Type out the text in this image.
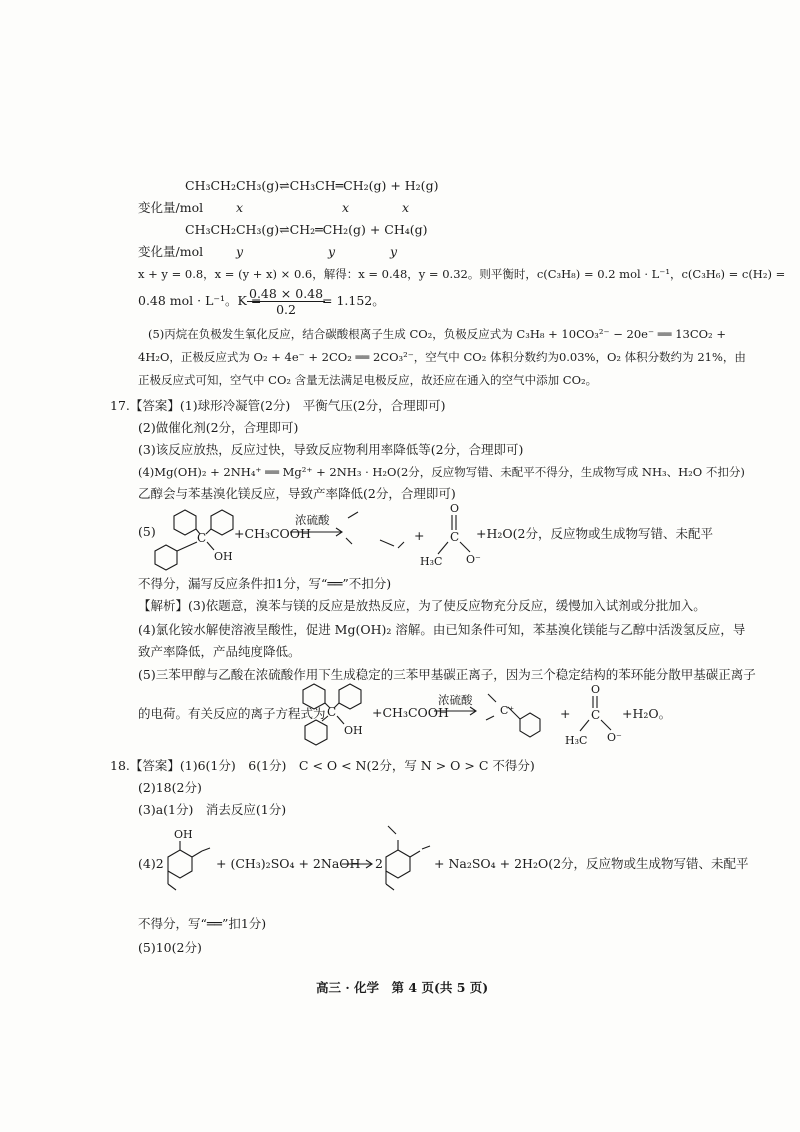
CH₃CH₂CH₃(g)⇌CH₃CH═CH₂(g) + H₂(g)
变化量/mol	x	x	x
CH₃CH₂CH₃(g)⇌CH₂═CH₂(g) + CH₄(g)
变化量/mol	y	y	y
x + y = 0.8，x = (y + x) × 0.6，解得：x = 0.48，y = 0.32。则平衡时，c(C₃H₈) = 0.2 mol · L⁻¹，c(C₃H₆) = c(H₂) =
0.48 mol · L⁻¹。K =
$\frac{0.48 \times 0.48}{0.2}$
= 1.152。
(5)丙烷在负极发生氧化反应，结合碳酸根离子生成 CO₂，负极反应式为 C₃H₈ + 10CO₃²⁻ − 20e⁻ ══ 13CO₂ +
4H₂O，正极反应式为 O₂ + 4e⁻ + 2CO₂ ══ 2CO₃²⁻，空气中 CO₂ 体积分数约为0.03%，O₂ 体积分数约为 21%，由
正极反应式可知，空气中 CO₂ 含量无法满足电极反应，故还应在通入的空气中添加 CO₂。
17.【答案】(1)球形冷凝管(2分)　平衡气压(2分，合理即可)
(2)做催化剂(2分，合理即可)
(3)该反应放热，反应过快，导致反应物利用率降低等(2分，合理即可)
(4)Mg(OH)₂ + 2NH₄⁺ ══ Mg²⁺ + 2NH₃ · H₂O(2分，反应物写错、未配平不得分，生成物写成 NH₃、H₂O 不扣分)
乙醇会与苯基溴化镁反应，导致产率降低(2分，合理即可)
(5)	C
OH
+CH₃COOH
浓硫酸
+
O
C
H₃C O⁻
+H₂O(2分，反应物或生成物写错、未配平
不得分，漏写反应条件扣1分，写“══”不扣分)
【解析】(3)依题意，溴苯与镁的反应是放热反应，为了使反应物充分反应，缓慢加入试剂或分批加入。
(4)氯化铵水解使溶液呈酸性，促进 Mg(OH)₂ 溶解。由已知条件可知，苯基溴化镁能与乙醇中活泼氢反应，导
致产率降低，产品纯度降低。
(5)三苯甲醇与乙酸在浓硫酸作用下生成稳定的三苯甲基碳正离子，因为三个稳定结构的苯环能分散甲基碳正离子
的电荷。有关反应的离子方程式为 C
OH
+CH₃COOH
浓硫酸
C⁺	+
O
C
H₃C O⁻
+H₂O。
18.【答案】(1)6(1分)　6(1分)　C < O < N(2分，写 N > O > C 不得分)
(2)18(2分)
(3)a(1分)　消去反应(1分)
(4)2
OH
+ (CH₃)₂SO₄ + 2NaOH 2	+ Na₂SO₄ + 2H₂O(2分，反应物或生成物写错、未配平
不得分，写“══”扣1分)
(5)10(2分)
高三 · 化学　第 4 页(共 5 页)
